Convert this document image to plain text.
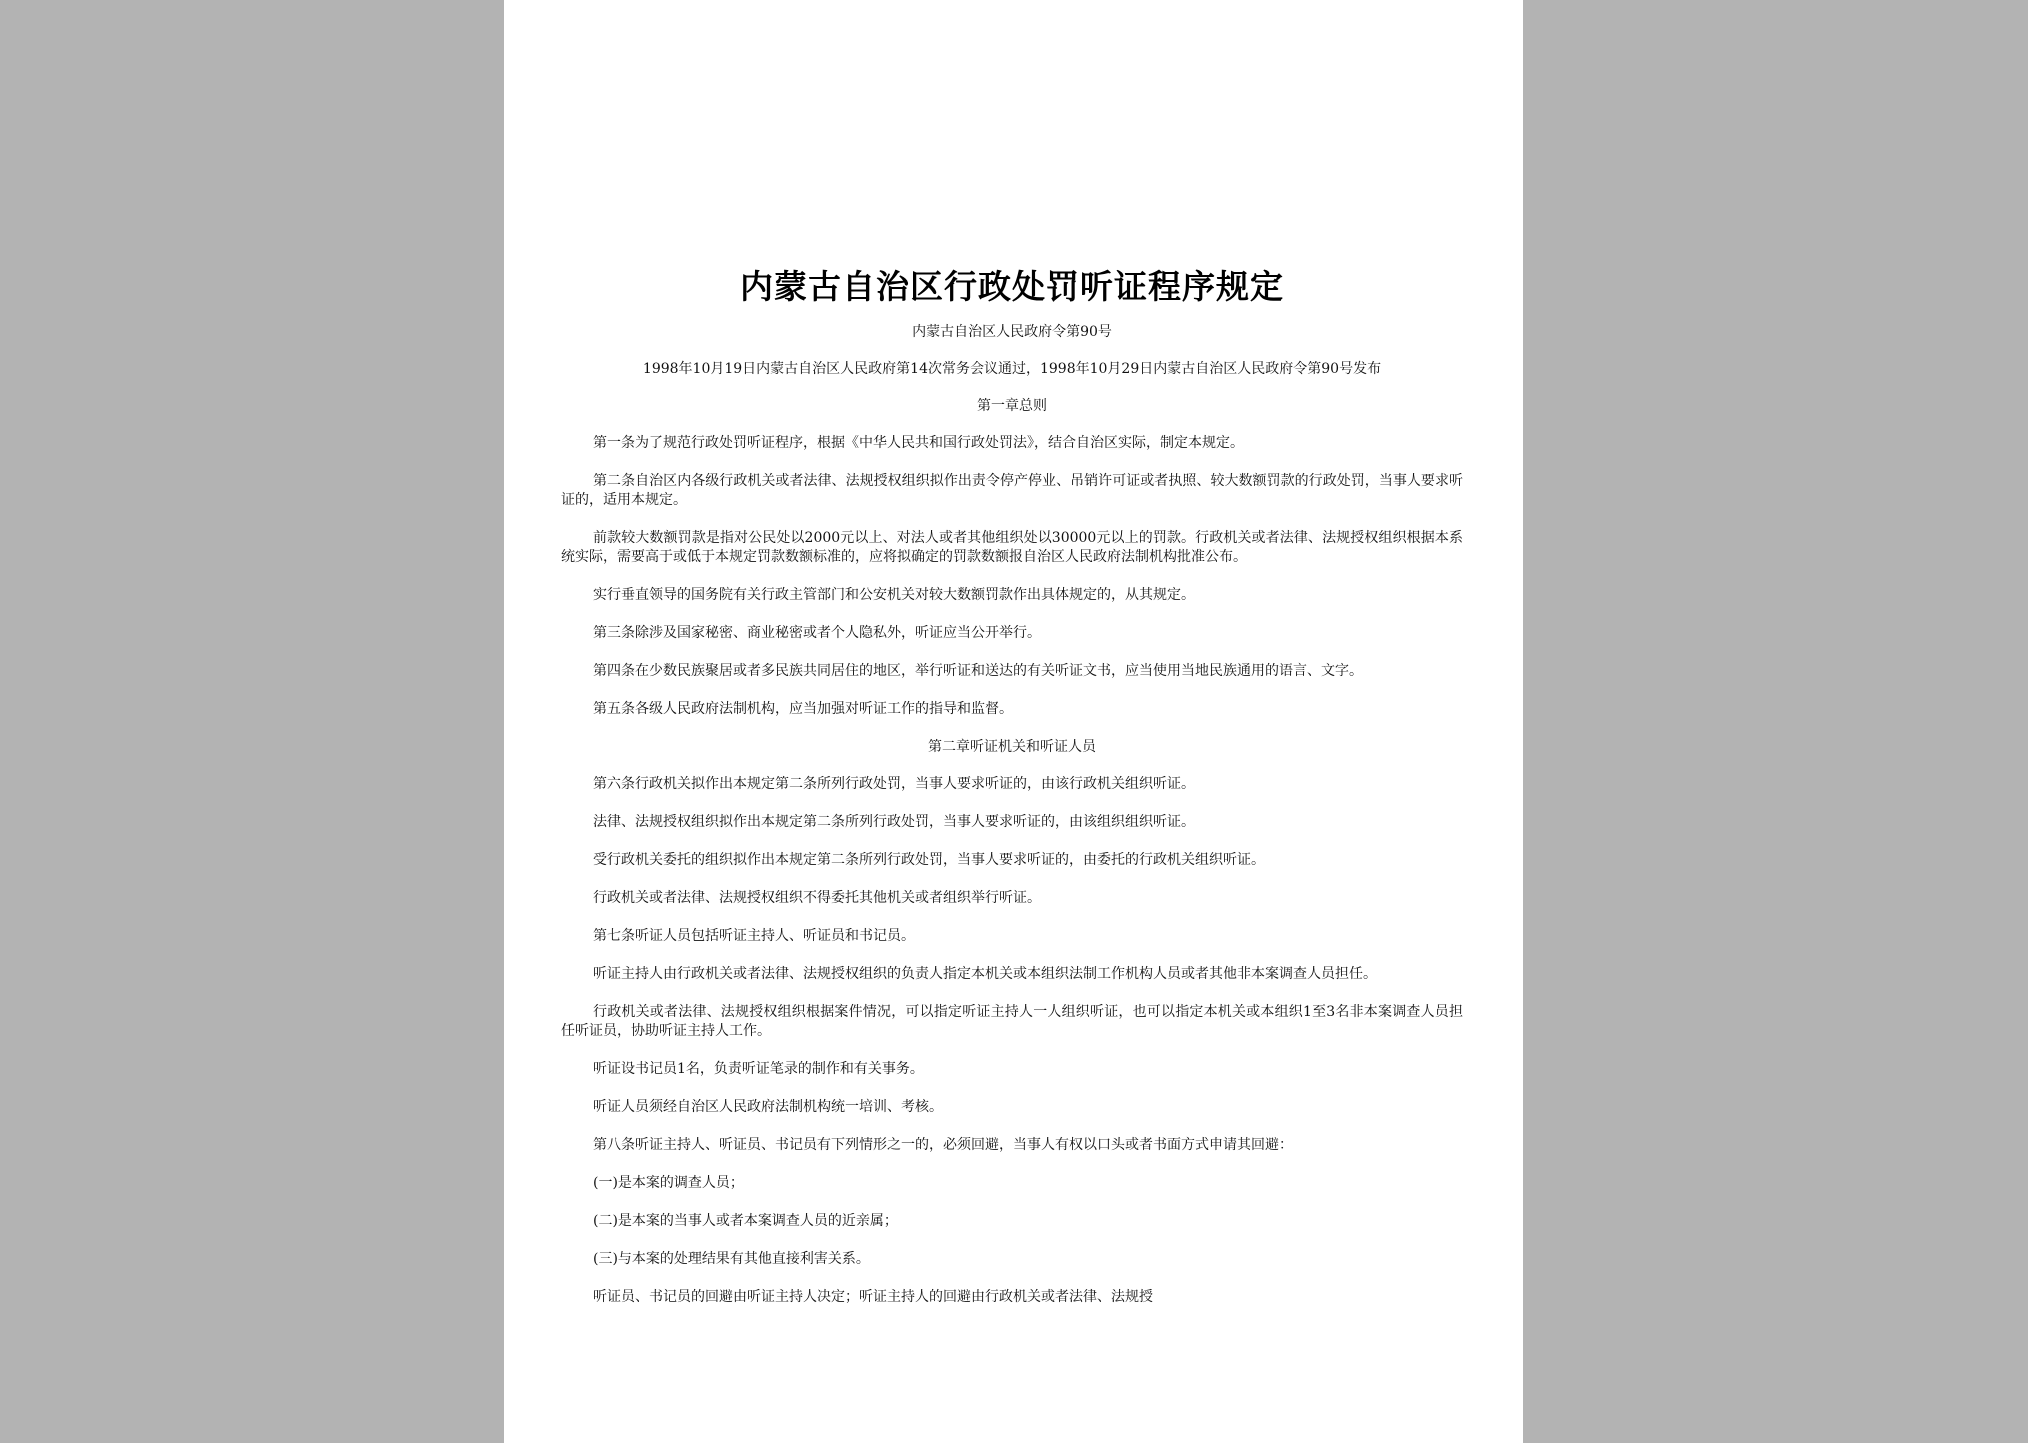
内蒙古自治区行政处罚听证程序规定
内蒙古自治区人民政府令第90号
1998年10月19日内蒙古自治区人民政府第14次常务会议通过，1998年10月29日内蒙古自治区人民政府令第90号发布
第一章总则

第一条为了规范行政处罚听证程序，根据《中华人民共和国行政处罚法》，结合自治区实际，制定本规定。

第二条自治区内各级行政机关或者法律、法规授权组织拟作出责令停产停业、吊销许可证或者执照、较大数额罚款的行政处罚，当事人要求听证的，适用本规定。

前款较大数额罚款是指对公民处以2000元以上、对法人或者其他组织处以30000元以上的罚款。行政机关或者法律、法规授权组织根据本系统实际，需要高于或低于本规定罚款数额标准的，应将拟确定的罚款数额报自治区人民政府法制机构批准公布。

实行垂直领导的国务院有关行政主管部门和公安机关对较大数额罚款作出具体规定的，从其规定。

第三条除涉及国家秘密、商业秘密或者个人隐私外，听证应当公开举行。

第四条在少数民族聚居或者多民族共同居住的地区，举行听证和送达的有关听证文书，应当使用当地民族通用的语言、文字。

第五条各级人民政府法制机构，应当加强对听证工作的指导和监督。

第二章听证机关和听证人员

第六条行政机关拟作出本规定第二条所列行政处罚，当事人要求听证的，由该行政机关组织听证。

法律、法规授权组织拟作出本规定第二条所列行政处罚，当事人要求听证的，由该组织组织听证。

受行政机关委托的组织拟作出本规定第二条所列行政处罚，当事人要求听证的，由委托的行政机关组织听证。

行政机关或者法律、法规授权组织不得委托其他机关或者组织举行听证。

第七条听证人员包括听证主持人、听证员和书记员。

听证主持人由行政机关或者法律、法规授权组织的负责人指定本机关或本组织法制工作机构人员或者其他非本案调查人员担任。

行政机关或者法律、法规授权组织根据案件情况，可以指定听证主持人一人组织听证，也可以指定本机关或本组织1至3名非本案调查人员担任听证员，协助听证主持人工作。

听证设书记员1名，负责听证笔录的制作和有关事务。

听证人员须经自治区人民政府法制机构统一培训、考核。

第八条听证主持人、听证员、书记员有下列情形之一的，必须回避，当事人有权以口头或者书面方式申请其回避：

(一)是本案的调查人员；

(二)是本案的当事人或者本案调查人员的近亲属；

(三)与本案的处理结果有其他直接利害关系。

听证员、书记员的回避由听证主持人决定；听证主持人的回避由行政机关或者法律、法规授
